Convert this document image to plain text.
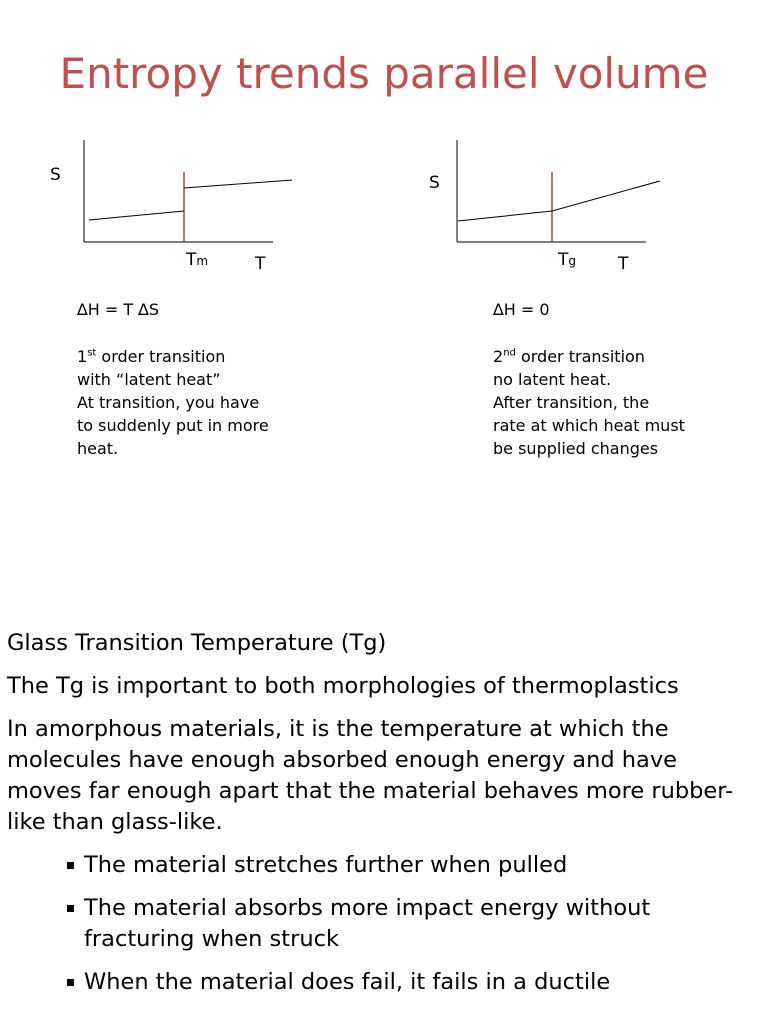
Entropy trends parallel volume
S
Tm	T
∆H = T ∆S
1st order transition
with “latent heat”
At transition, you have
to suddenly put in more
heat.
S
Tg T
∆H = 0
2nd order transition
no latent heat.
After transition, the
rate at which heat must
be supplied changes

Glass Transition Temperature (Tg)

The Tg is important to both morphologies of thermoplastics

In amorphous materials, it is the temperature at which the molecules have enough absorbed enough energy and have moves far enough apart that the material behaves more rubber-like than glass-like.

The material stretches further when pulled
The material absorbs more impact energy without fracturing when struck
When the material does fail, it fails in a ductile
